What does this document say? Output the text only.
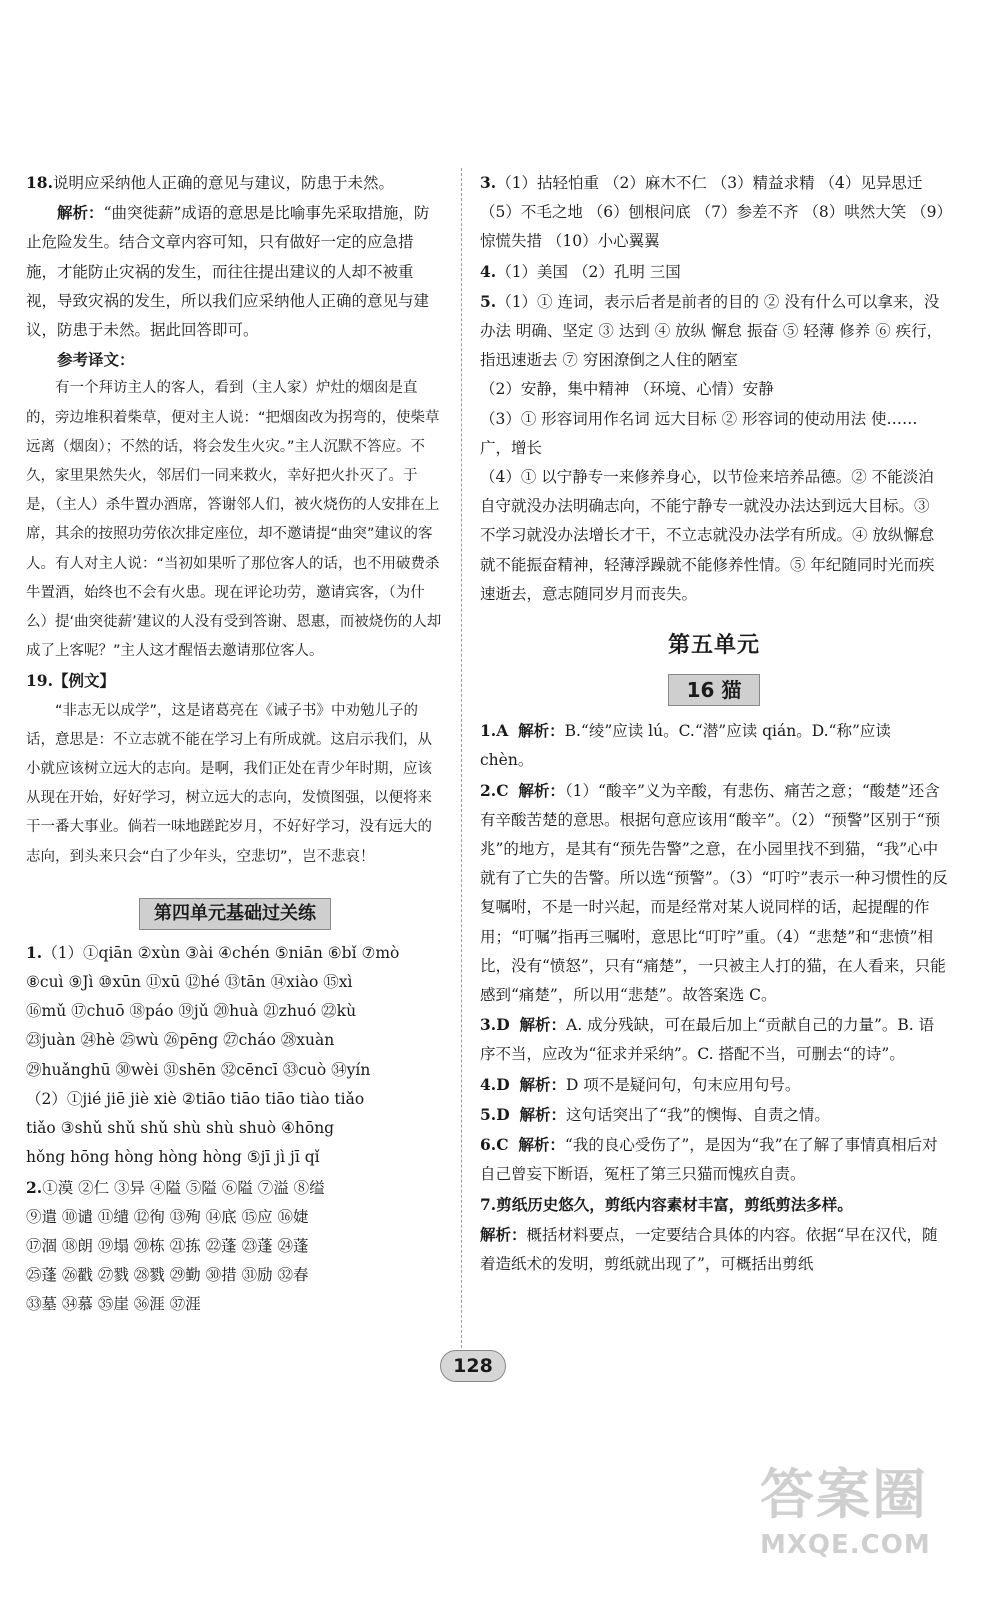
18.说明应采纳他人正确的意见与建议，防患于未然。

解析：“曲突徙薪”成语的意思是比喻事先采取措施，防止危险发生。结合文章内容可知，只有做好一定的应急措施，才能防止灾祸的发生，而往往提出建议的人却不被重视，导致灾祸的发生，所以我们应采纳他人正确的意见与建议，防患于未然。据此回答即可。

参考译文：

有一个拜访主人的客人，看到（主人家）炉灶的烟囱是直的，旁边堆积着柴草，便对主人说：“把烟囱改为拐弯的，使柴草远离（烟囱）；不然的话，将会发生火灾。”主人沉默不答应。不久，家里果然失火，邻居们一同来救火，幸好把火扑灭了。于是，（主人）杀牛置办酒席，答谢邻人们，被火烧伤的人安排在上席，其余的按照功劳依次排定座位，却不邀请提“曲突”建议的客人。有人对主人说：“当初如果听了那位客人的话，也不用破费杀牛置酒，始终也不会有火患。现在评论功劳，邀请宾客，（为什么）提‘曲突徙薪’建议的人没有受到答谢、恩惠，而被烧伤的人却成了上客呢？”主人这才醒悟去邀请那位客人。

19.【例文】

“非志无以成学”，这是诸葛亮在《诫子书》中劝勉儿子的话，意思是：不立志就不能在学习上有所成就。这启示我们，从小就应该树立远大的志向。是啊，我们正处在青少年时期，应该从现在开始，好好学习，树立远大的志向，发愤图强，以便将来干一番大事业。倘若一味地蹉跎岁月，不好好学习，没有远大的志向，到头来只会“白了少年头，空悲切”，岂不悲哀！

第四单元基础过关练

1.（1）①qiān ②xùn ③ài ④chén ⑤niān ⑥bǐ ⑦mò

⑧cuì ⑨Jì ⑩xūn ⑪xū ⑫hé ⑬tān ⑭xiào ⑮xì

⑯mǔ ⑰chuō ⑱páo ⑲jǔ ⑳huà ㉑zhuó ㉒kù

㉓juàn ㉔hè ㉕wù ㉖pēng ㉗cháo ㉘xuàn

㉙huǎnghū ㉚wèi ㉛shēn ㉜cēncī ㉝cuò ㉞yín

（2）①jié jiē jiè xiè ②tiāo tiāo tiāo tiào tiǎo

tiǎo ③shǔ shǔ shǔ shù shù shuò ④hōng

hǒng hōng hòng hòng hòng ⑤jī jì jī qǐ

2.①漠 ②仁 ③异 ④隘 ⑤隘 ⑥隘 ⑦溢 ⑧缢

⑨遣 ⑩谴 ⑪缱 ⑫徇 ⑬殉 ⑭底 ⑮应 ⑯婕

⑰涸 ⑱朗 ⑲塌 ⑳栋 ㉑拣 ㉒蓬 ㉓蓬 ㉔蓬

㉕蓬 ㉖戳 ㉗戮 ㉘戮 ㉙勤 ㉚措 ㉛励 ㉜春

㉝墓 ㉞慕 ㉟崖 ㊱涯 ㊲涯

3.（1）拈轻怕重 （2）麻木不仁 （3）精益求精 （4）见异思迁 （5）不毛之地 （6）刨根问底 （7）参差不齐 （8）哄然大笑 （9）惊慌失措 （10）小心翼翼

4.（1）美国 （2）孔明 三国

5.（1）① 连词，表示后者是前者的目的 ② 没有什么可以拿来，没办法 明确、坚定 ③ 达到 ④ 放纵 懈怠 振奋 ⑤ 轻薄 修养 ⑥ 疾行，指迅速逝去 ⑦ 穷困潦倒之人住的陋室

（2）安静，集中精神 （环境、心情）安静

（3）① 形容词用作名词 远大目标 ② 形容词的使动用法 使……广，增长

（4）① 以宁静专一来修养身心，以节俭来培养品德。② 不能淡泊自守就没办法明确志向，不能宁静专一就没办法达到远大目标。③ 不学习就没办法增长才干，不立志就没办法学有所成。④ 放纵懈怠就不能振奋精神，轻薄浮躁就不能修养性情。⑤ 年纪随同时光而疾速逝去，意志随同岁月而丧失。

第五单元
16 猫

1.A 解析：B.“绫”应读 lú。C.“潜”应读 qián。D.“称”应读 chèn。

2.C 解析：（1）“酸辛”义为辛酸，有悲伤、痛苦之意；“酸楚”还含有辛酸苦楚的意思。根据句意应该用“酸辛”。（2）“预警”区别于“预兆”的地方，是其有“预先告警”之意，在小园里找不到猫，“我”心中就有了亡失的告警。所以选“预警”。（3）“叮咛”表示一种习惯性的反复嘱咐，不是一时兴起，而是经常对某人说同样的话，起提醒的作用；“叮嘱”指再三嘱咐，意思比“叮咛”重。（4）“悲楚”和“悲愤”相比，没有“愤怒”，只有“痛楚”，一只被主人打的猫，在人看来，只能感到“痛楚”，所以用“悲楚”。故答案选 C。

3.D 解析：A. 成分残缺，可在最后加上“贡献自己的力量”。B. 语序不当，应改为“征求并采纳”。C. 搭配不当，可删去“的诗”。

4.D 解析：D 项不是疑问句，句末应用句号。

5.D 解析：这句话突出了“我”的懊悔、自责之情。

6.C 解析：“我的良心受伤了”，是因为“我”在了解了事情真相后对自己曾妄下断语，冤枉了第三只猫而愧疚自责。

7.剪纸历史悠久，剪纸内容素材丰富，剪纸剪法多样。

解析：概括材料要点，一定要结合具体的内容。依据“早在汉代，随着造纸术的发明，剪纸就出现了”，可概括出剪纸

128
答案圈
MXQE.COM
